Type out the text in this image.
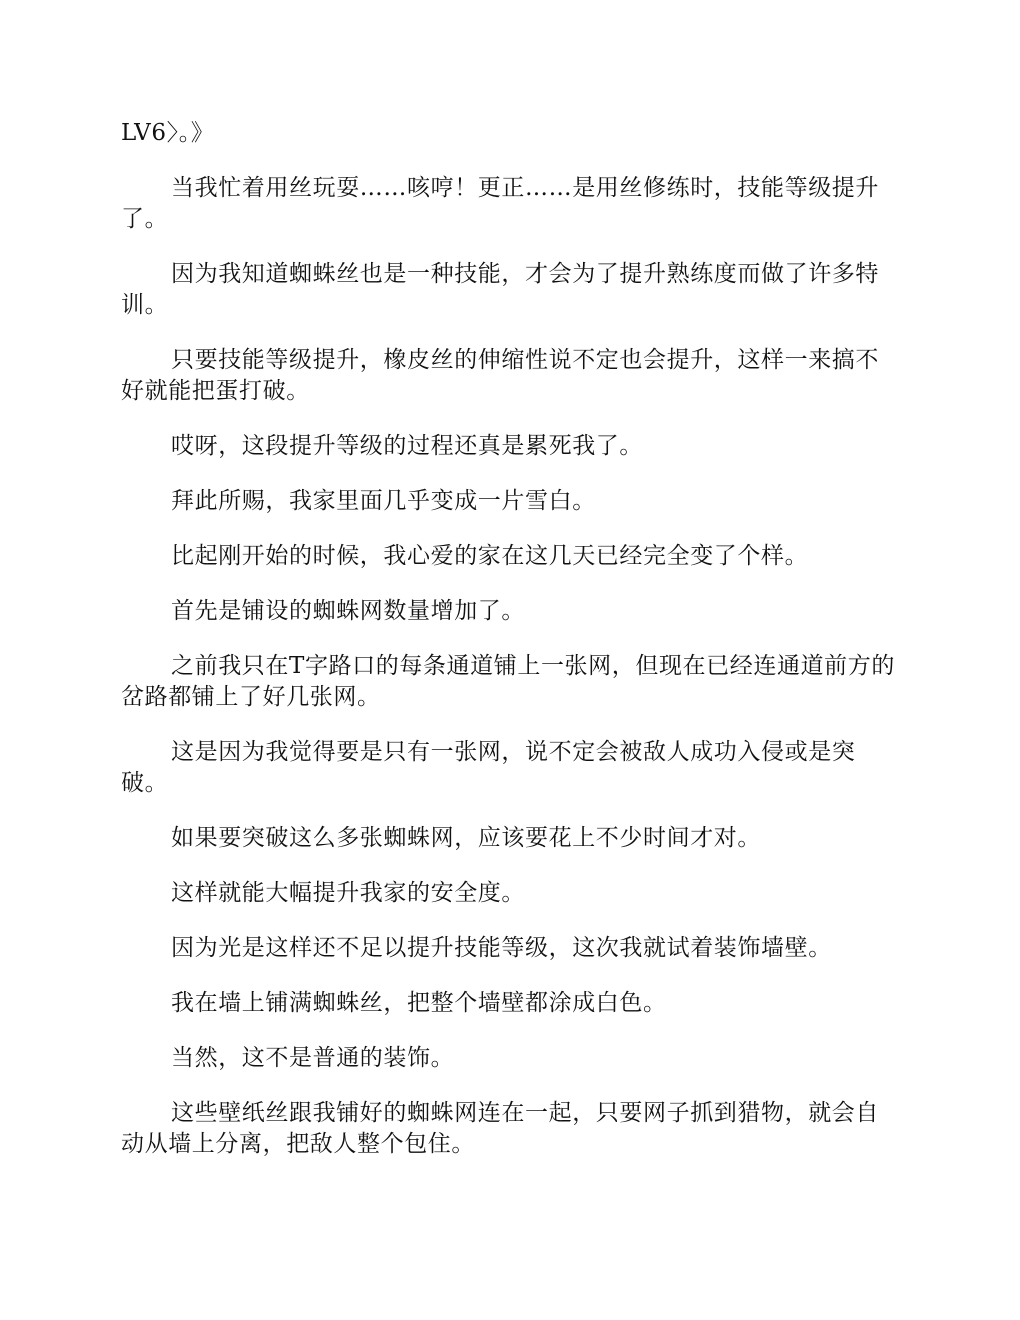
LV6〉。》

当我忙着用丝玩耍……咳哼！更正……是用丝修练时，技能等级提升了。

因为我知道蜘蛛丝也是一种技能，才会为了提升熟练度而做了许多特训。

只要技能等级提升，橡皮丝的伸缩性说不定也会提升，这样一来搞不好就能把蛋打破。

哎呀，这段提升等级的过程还真是累死我了。

拜此所赐，我家里面几乎变成一片雪白。

比起刚开始的时候，我心爱的家在这几天已经完全变了个样。

首先是铺设的蜘蛛网数量增加了。

之前我只在T字路口的每条通道铺上一张网，但现在已经连通道前方的岔路都铺上了好几张网。

这是因为我觉得要是只有一张网，说不定会被敌人成功入侵或是突破。

如果要突破这么多张蜘蛛网，应该要花上不少时间才对。

这样就能大幅提升我家的安全度。

因为光是这样还不足以提升技能等级，这次我就试着装饰墙壁。

我在墙上铺满蜘蛛丝，把整个墙壁都涂成白色。

当然，这不是普通的装饰。

这些壁纸丝跟我铺好的蜘蛛网连在一起，只要网子抓到猎物，就会自动从墙上分离，把敌人整个包住。
